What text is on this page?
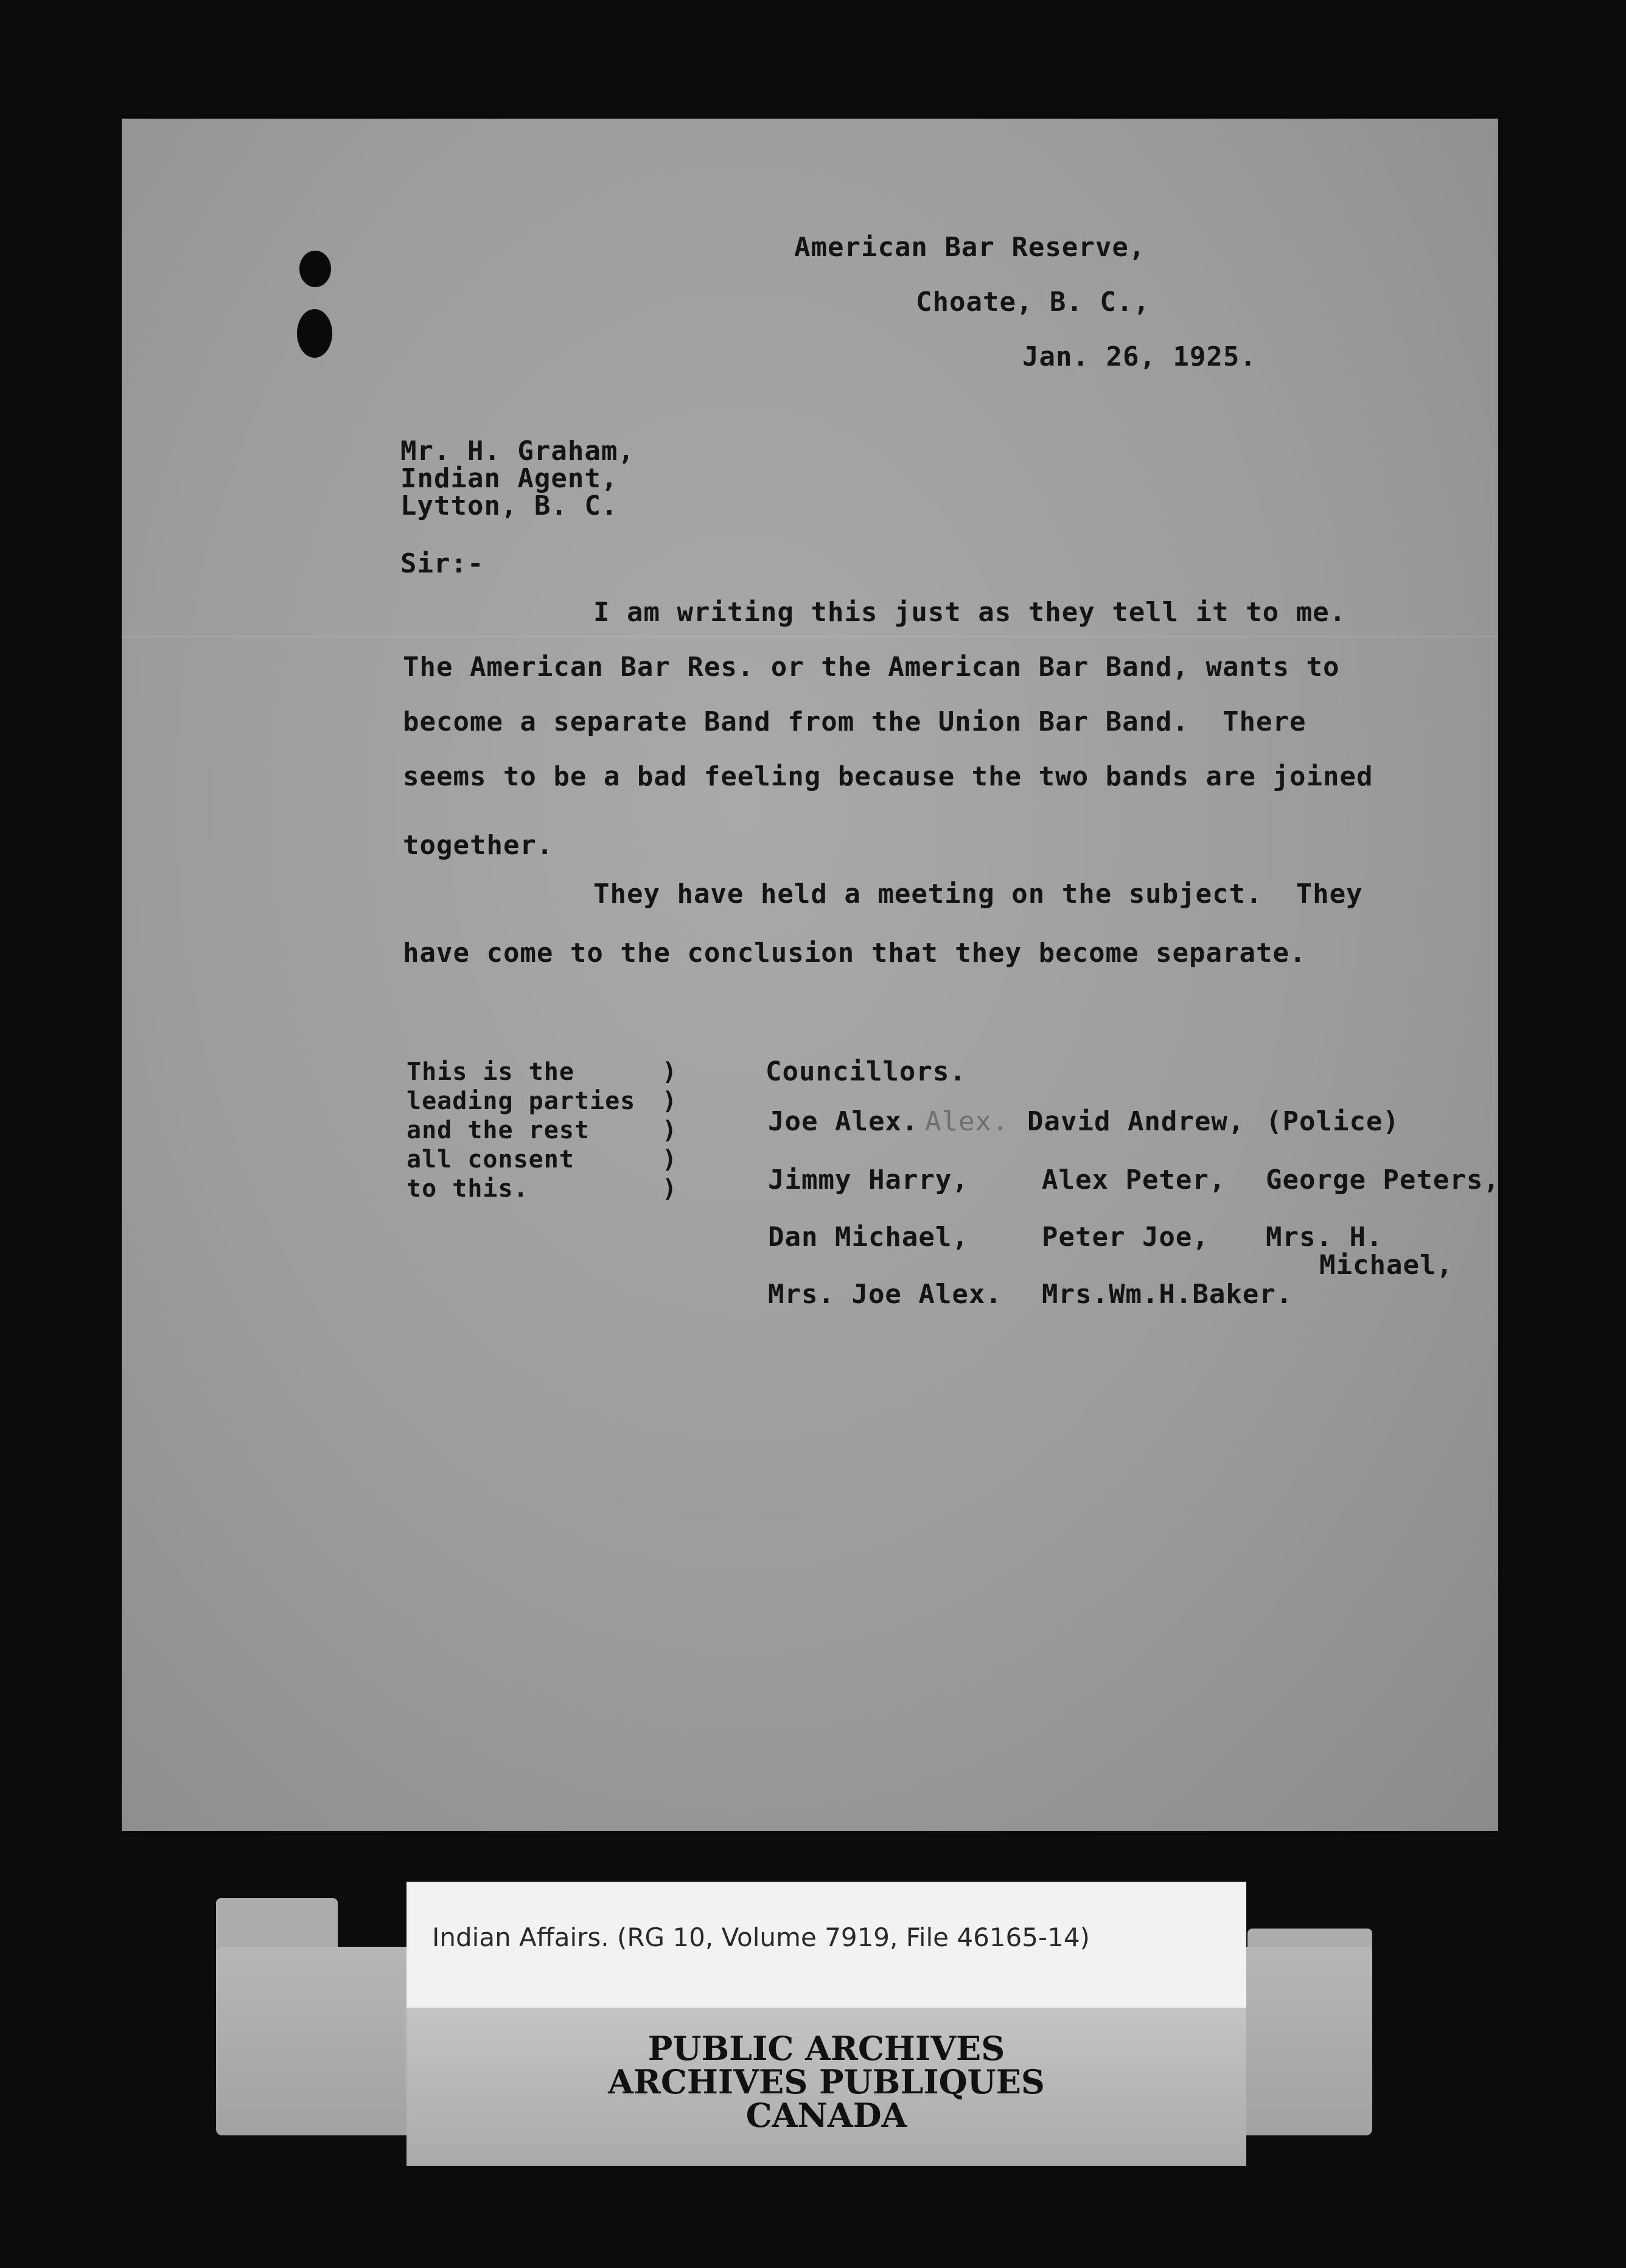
American Bar Reserve,

Choate, B. C.,

Jan. 26, 1925.

Mr. H. Graham,

Indian Agent,

Lytton, B. C.

Sir:-

I am writing this just as they tell it to me.

The American Bar Res. or the American Bar Band, wants to

become a separate Band from the Union Bar Band.  There

seems to be a bad feeling because the two bands are joined

together.

They have held a meeting on the subject.  They

have come to the conclusion that they become separate.

This is the

leading parties

and the rest

all consent

to this.

)
)
)
)
)

Councillors.

Joe Alex. Alex. David Andrew, (Police)

Jimmy Harry,	Alex Peter, George Peters,

Dan Michael,	Peter Joe, Mrs. H.

Michael,

Mrs. Joe Alex. Mrs.Wm.H.Baker.

Indian Affairs. (RG 10, Volume 7919, File 46165-14)

PUBLIC ARCHIVES

ARCHIVES PUBLIQUES

CANADA
